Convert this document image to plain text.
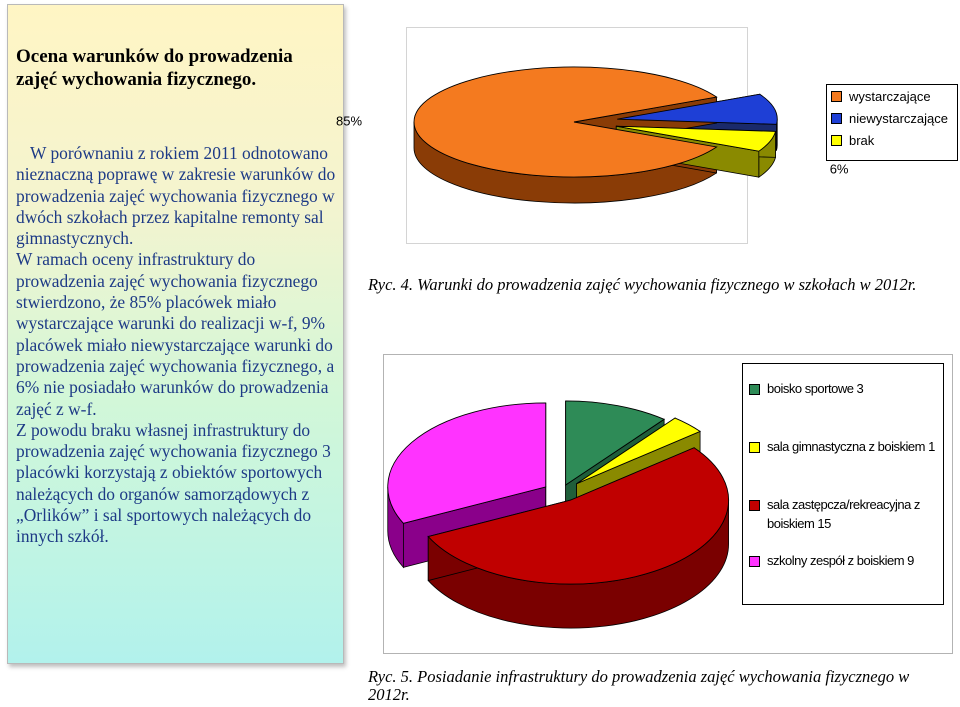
Ocena warunków do prowadzenia zajęć wychowania fizycznego.

W porównaniu z rokiem 2011 odnotowano nieznaczną poprawę w zakresie warunków do prowadzenia zajęć wychowania fizycznego w dwóch szkołach przez kapitalne remonty sal gimnastycznych.

W ramach oceny infrastruktury do prowadzenia zajęć wychowania fizycznego stwierdzono, że 85% placówek miało wystarczające warunki do realizacji w-f, 9% placówek miało niewystarczające warunki do prowadzenia zajęć wychowania fizycznego, a 6% nie posiadało warunków do prowadzenia zajęć z w-f.

Z powodu braku własnej infrastruktury do prowadzenia zajęć wychowania fizycznego 3 placówki korzystają z obiektów sportowych należących do organów samorządowych z „Orlików” i sal sportowych należących do innych szkół.

85%
6%
wystarczające
niewystarczające
brak
Ryc. 4. Warunki do prowadzenia zajęć wychowania fizycznego w szkołach w 2012r.
boisko sportowe 3
sala gimnastyczna z boiskiem 1
sala zastępcza/rekreacyjna z boiskiem 15
szkolny zespół z boiskiem 9
Ryc. 5. Posiadanie infrastruktury do prowadzenia zajęć wychowania fizycznego w 2012r.
